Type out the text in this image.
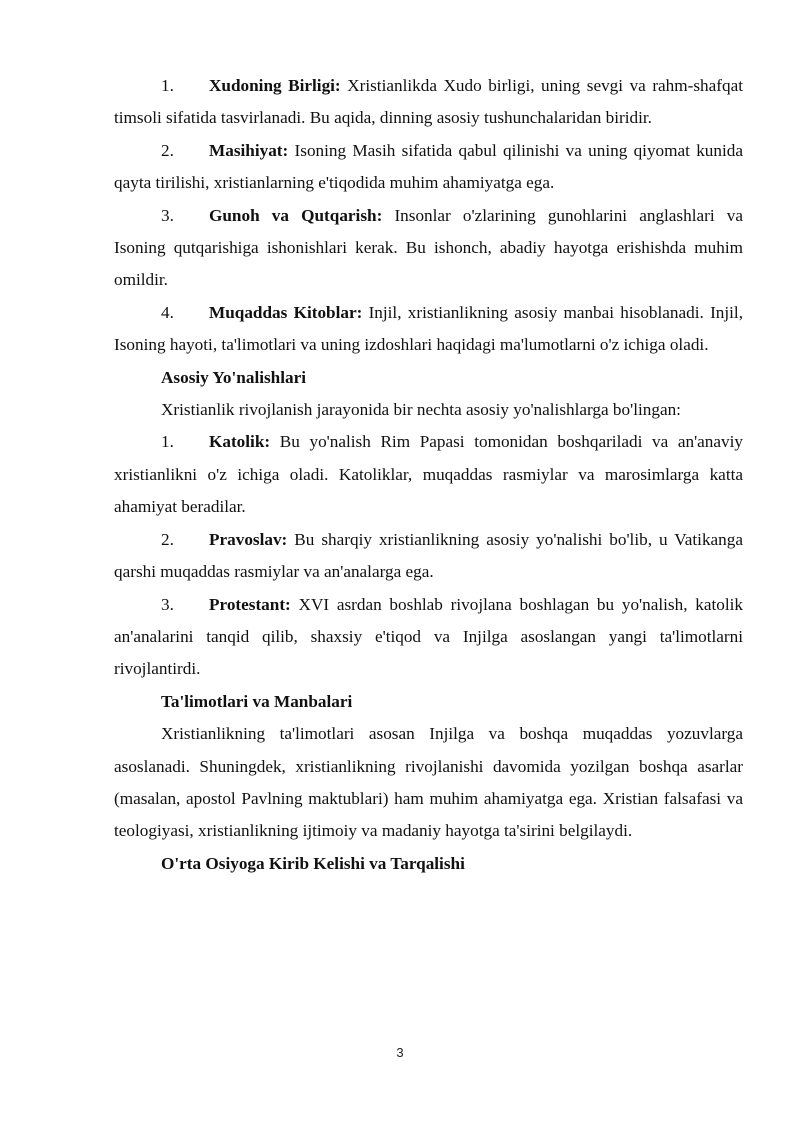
1. Xudoning Birligi: Xristianlikda Xudo birligi, uning sevgi va rahm-shafqat timsoli sifatida tasvirlanadi. Bu aqida, dinning asosiy tushunchalaridan biridir.

2. Masihiyat: Isoning Masih sifatida qabul qilinishi va uning qiyomat kunida qayta tirilishi, xristianlarning e'tiqodida muhim ahamiyatga ega.

3. Gunoh va Qutqarish: Insonlar o'zlarining gunohlarini anglashlari va Isoning qutqarishiga ishonishlari kerak. Bu ishonch, abadiy hayotga erishishda muhim omildir.

4. Muqaddas Kitoblar: Injil, xristianlikning asosiy manbai hisoblanadi. Injil, Isoning hayoti, ta'limotlari va uning izdoshlari haqidagi ma'lumotlarni o'z ichiga oladi.

Asosiy Yo'nalishlari

Xristianlik rivojlanish jarayonida bir nechta asosiy yo'nalishlarga bo'lingan:

1. Katolik: Bu yo'nalish Rim Papasi tomonidan boshqariladi va an'anaviy xristianlikni o'z ichiga oladi. Katoliklar, muqaddas rasmiylar va marosimlarga katta ahamiyat beradilar.

2. Pravoslav: Bu sharqiy xristianlikning asosiy yo'nalishi bo'lib, u Vatikanga qarshi muqaddas rasmiylar va an'analarga ega.

3. Protestant: XVI asrdan boshlab rivojlana boshlagan bu yo'nalish, katolik an'analarini tanqid qilib, shaxsiy e'tiqod va Injilga asoslangan yangi ta'limotlarni rivojlantirdi.

Ta'limotlari va Manbalari

Xristianlikning ta'limotlari asosan Injilga va boshqa muqaddas yozuvlarga asoslanadi. Shuningdek, xristianlikning rivojlanishi davomida yozilgan boshqa asarlar (masalan, apostol Pavlning maktublari) ham muhim ahamiyatga ega. Xristian falsafasi va teologiyasi, xristianlikning ijtimoiy va madaniy hayotga ta'sirini belgilaydi.

O'rta Osiyoga Kirib Kelishi va Tarqalishi

3
